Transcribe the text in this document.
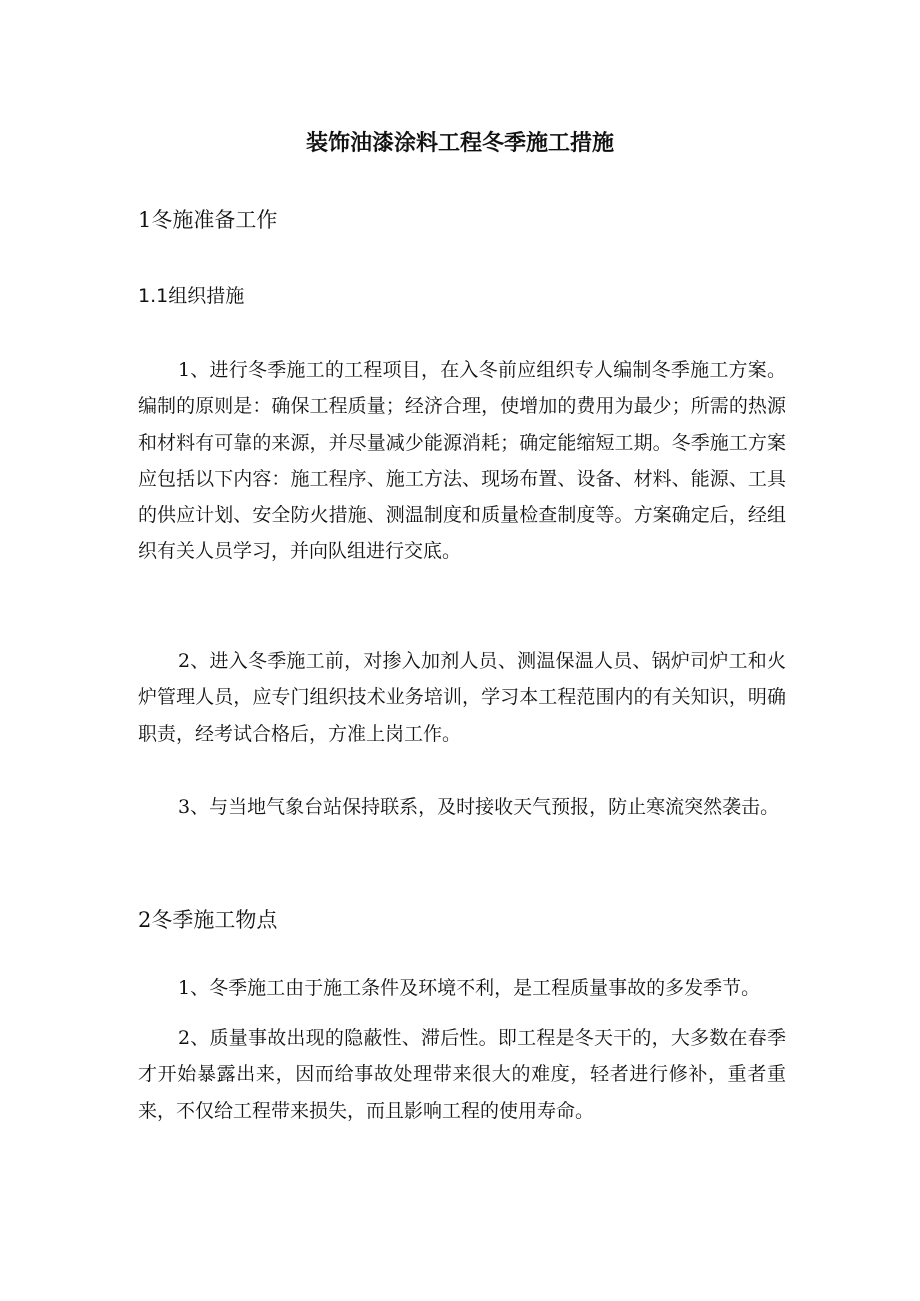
装饰油漆涂料工程冬季施工措施
1冬施准备工作
1.1组织措施

1、进行冬季施工的工程项目，在入冬前应组织专人编制冬季施工方案。编制的原则是：确保工程质量；经济合理，使增加的费用为最少；所需的热源和材料有可靠的来源，并尽量减少能源消耗；确定能缩短工期。冬季施工方案应包括以下内容：施工程序、施工方法、现场布置、设备、材料、能源、工具的供应计划、安全防火措施、测温制度和质量检查制度等。方案确定后，经组织有关人员学习，并向队组进行交底。

2、进入冬季施工前，对掺入加剂人员、测温保温人员、锅炉司炉工和火炉管理人员，应专门组织技术业务培训，学习本工程范围内的有关知识，明确职责，经考试合格后，方准上岗工作。

3、与当地气象台站保持联系，及时接收天气预报，防止寒流突然袭击。

2冬季施工物点

1、冬季施工由于施工条件及环境不利，是工程质量事故的多发季节。

2、质量事故出现的隐蔽性、滞后性。即工程是冬天干的，大多数在春季才开始暴露出来，因而给事故处理带来很大的难度，轻者进行修补，重者重来，不仅给工程带来损失，而且影响工程的使用寿命。
